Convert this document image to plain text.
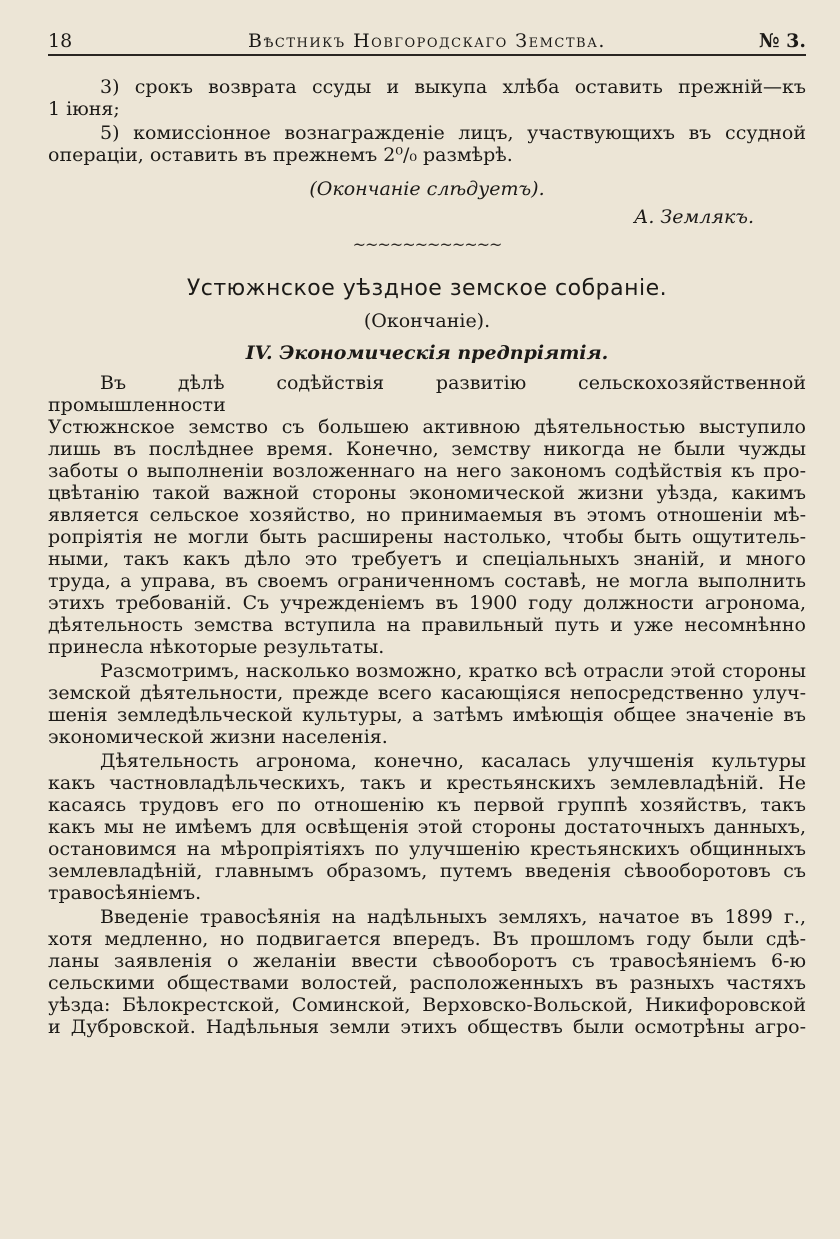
18	Вѣстникъ Новгородскаго Земства.	№ 3.

3) срокъ возврата ссуды и выкупа хлѣба оставить прежній—къ

1 іюня;

5) комиссіонное вознагражденіе лицъ, участвующихъ въ ссудной

операціи, оставить въ прежнемъ 2⁰/₀ размѣрѣ.

(Окончаніе слѣдуетъ).

А. Землякъ.

~~~~~~~~~~~~

Устюжнское уѣздное земское собраніе.

(Окончаніе).

IV. Экономическія предпріятія.

Въ дѣлѣ содѣйствія развитію сельскохозяйственной промышленности

Устюжнское земство съ большею активною дѣятельностью выступило

лишь въ послѣднее время. Конечно, земству никогда не были чужды

заботы о выполненіи возложеннаго на него закономъ содѣйствія къ про-

цвѣтанію такой важной стороны экономической жизни уѣзда, какимъ

является сельское хозяйство, но принимаемыя въ этомъ отношеніи мѣ-

ропріятія не могли быть расширены настолько, чтобы быть ощутитель-

ными, такъ какъ дѣло это требуетъ и спеціальныхъ знаній, и много

труда, а управа, въ своемъ ограниченномъ составѣ, не могла выполнить

этихъ требованій. Съ учрежденіемъ въ 1900 году должности агронома,

дѣятельность земства вступила на правильный путь и уже несомнѣнно

принесла нѣкоторые результаты.

Разсмотримъ, насколько возможно, кратко всѣ отрасли этой стороны

земской дѣятельности, прежде всего касающіяся непосредственно улуч-

шенія земледѣльческой культуры, а затѣмъ имѣющія общее значеніе въ

экономической жизни населенія.

Дѣятельность агронома, конечно, касалась улучшенія культуры

какъ частновладѣльческихъ, такъ и крестьянскихъ землевладѣній. Не

касаясь трудовъ его по отношенію къ первой группѣ хозяйствъ, такъ

какъ мы не имѣемъ для освѣщенія этой стороны достаточныхъ данныхъ,

остановимся на мѣропріятіяхъ по улучшенію крестьянскихъ общинныхъ

землевладѣній, главнымъ образомъ, путемъ введенія сѣвооборотовъ съ

травосѣяніемъ.

Введеніе травосѣянія на надѣльныхъ земляхъ, начатое въ 1899 г.,

хотя медленно, но подвигается впередъ. Въ прошломъ году были сдѣ-

ланы заявленія о желаніи ввести сѣвооборотъ съ травосѣяніемъ 6-ю

сельскими обществами волостей, расположенныхъ въ разныхъ частяхъ

уѣзда: Бѣлокрестской, Соминской, Верховско-Вольской, Никифоровской

и Дубровской. Надѣльныя земли этихъ обществъ были осмотрѣны агро-
